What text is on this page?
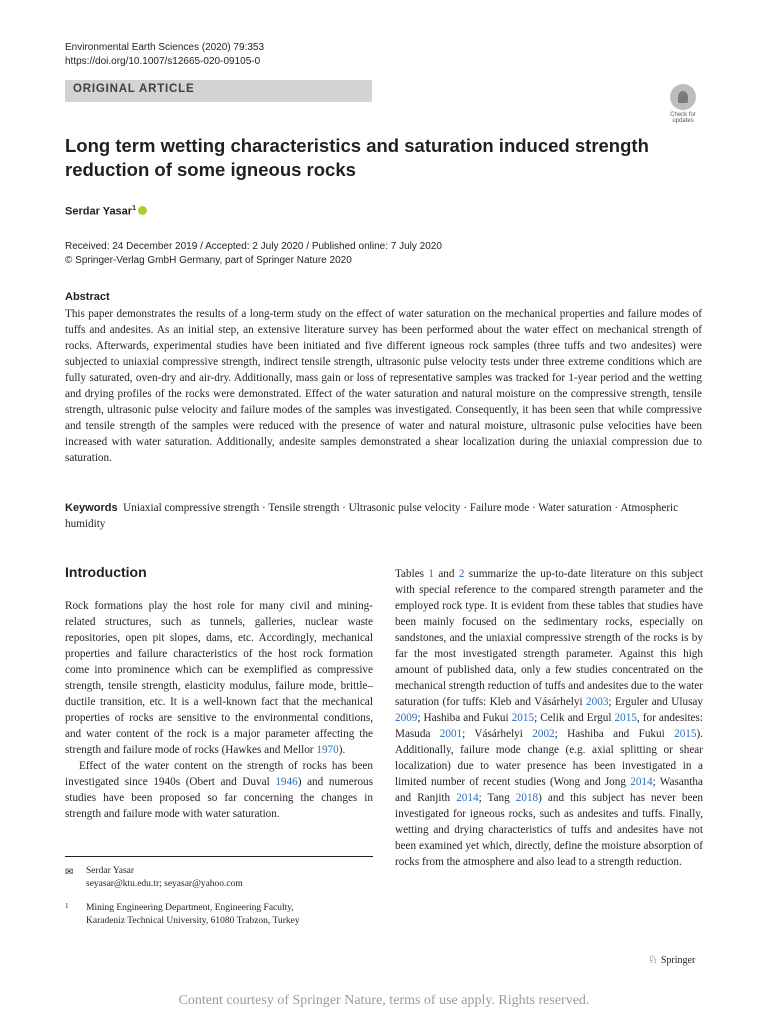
Environmental Earth Sciences (2020) 79:353
https://doi.org/10.1007/s12665-020-09105-0
ORIGINAL ARTICLE
Check for updates
Long term wetting characteristics and saturation induced strength reduction of some igneous rocks
Serdar Yasar$^1$
Received: 24 December 2019 / Accepted: 2 July 2020 / Published online: 7 July 2020
© Springer-Verlag GmbH Germany, part of Springer Nature 2020
Abstract
This paper demonstrates the results of a long-term study on the effect of water saturation on the mechanical properties and failure modes of tuffs and andesites. As an initial step, an extensive literature survey has been performed about the water effect on mechanical strength of rocks. Afterwards, experimental studies have been initiated and five different igneous rock samples (three tuffs and two andesites) were subjected to uniaxial compressive strength, indirect tensile strength, ultrasonic pulse velocity tests under three extreme conditions which are fully saturated, oven-dry and air-dry. Additionally, mass gain or loss of representative samples was tracked for 1-year period and the wetting and drying profiles of the rocks were demonstrated. Effect of the water saturation and natural moisture on the compressive strength, tensile strength, ultrasonic pulse velocity and failure modes of the samples was investigated. Consequently, it has been seen that while compressive and tensile strength of the samples were reduced with the presence of water and natural moisture, ultrasonic pulse velocities have been increased with water saturation. Additionally, andesite samples demonstrated a shear localization during the uniaxial compression due to saturation.
Keywords Uniaxial compressive strength · Tensile strength · Ultrasonic pulse velocity · Failure mode · Water saturation · Atmospheric humidity
Introduction

Rock formations play the host role for many civil and mining-related structures, such as tunnels, galleries, nuclear waste repositories, open pit slopes, dams, etc. Accordingly, mechanical properties and failure characteristics of the host rock formation come into prominence which can be exemplified as compressive strength, tensile strength, elasticity modulus, failure mode, brittle–ductile transition, etc. It is a well-known fact that the mechanical properties of rocks are sensitive to the environmental conditions, and water content of the rock is a major parameter affecting the strength and failure mode of rocks (Hawkes and Mellor 1970).

Effect of the water content on the strength of rocks has been investigated since 1940s (Obert and Duval 1946) and numerous studies have been proposed so far concerning the changes in strength and failure mode with water saturation.

Tables 1 and 2 summarize the up-to-date literature on this subject with special reference to the compared strength parameter and the employed rock type. It is evident from these tables that studies have been mainly focused on the sedimentary rocks, especially on sandstones, and the uniaxial compressive strength of the rocks is by far the most investigated strength parameter. Against this high amount of published data, only a few studies concentrated on the mechanical strength reduction of tuffs and andesites due to the water saturation (for tuffs: Kleb and Vásárhelyi 2003; Erguler and Ulusay 2009; Hashiba and Fukui 2015; Celik and Ergul 2015, for andesites: Masuda 2001; Vásárhelyi 2002; Hashiba and Fukui 2015). Additionally, failure mode change (e.g. axial splitting or shear localization) due to water presence has been investigated in a limited number of recent studies (Wong and Jong 2014; Wasantha and Ranjith 2014; Tang 2018) and this subject has never been investigated for igneous rocks, such as andesites and tuffs. Finally, wetting and drying characteristics of tuffs and andesites have not been examined yet which, directly, define the moisture absorption of rocks from the atmosphere and also lead to a strength reduction.
✉ Serdar Yasar
seyasar@ktu.edu.tr; seyasar@yahoo.com
1 Mining Engineering Department, Engineering Faculty,
Karadeniz Technical University, 61080 Trabzon, Turkey
♘ Springer
Content courtesy of Springer Nature, terms of use apply. Rights reserved.
